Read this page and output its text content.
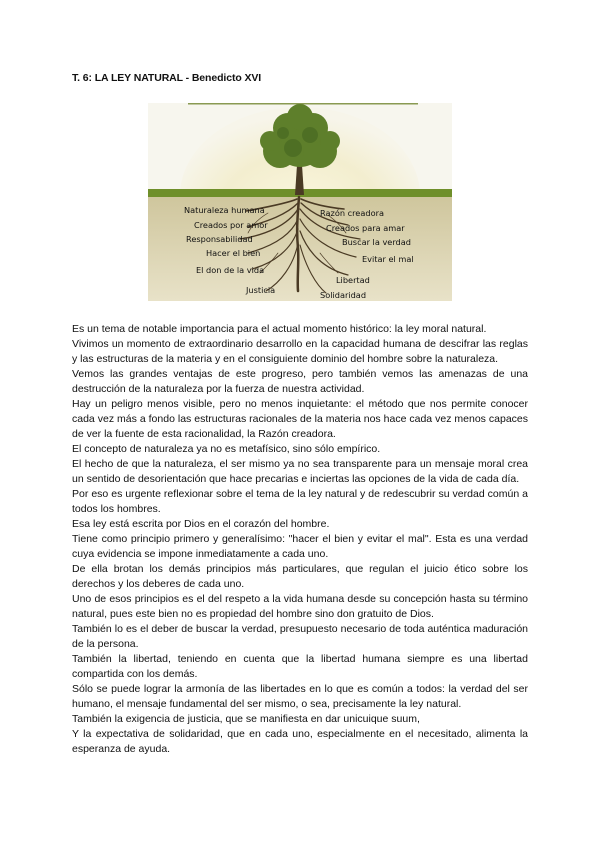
T. 6: LA LEY NATURAL - Benedicto XVI
Naturaleza humana
Creados por amor
Responsabilidad
Hacer el bien
El don de la vida
Justicia
Razón creadora
Creados para amar
Buscar la verdad
Evitar el mal
Libertad
Solidaridad

Es un tema de notable importancia para el actual momento histórico: la ley moral natural.

Vivimos un momento de extraordinario desarrollo en la capacidad humana de descifrar las reglas y las estructuras de la materia y en el consiguiente dominio del hombre sobre la naturaleza.

Vemos las grandes ventajas de este progreso, pero también vemos las amenazas de una destrucción de la naturaleza por la fuerza de nuestra actividad.

Hay un peligro menos visible, pero no menos inquietante: el método que nos permite conocer cada vez más a fondo las estructuras racionales de la materia nos hace cada vez menos capaces de ver la fuente de esta racionalidad, la Razón creadora.

El concepto de naturaleza ya no es metafísico, sino sólo empírico.

El hecho de que la naturaleza, el ser mismo ya no sea transparente para un mensaje moral crea un sentido de desorientación que hace precarias e inciertas las opciones de la vida de cada día.

Por eso es urgente reflexionar sobre el tema de la ley natural y de redescubrir su verdad común a todos los hombres.

Esa ley está escrita por Dios en el corazón del hombre.

Tiene como principio primero y generalísimo: "hacer el bien y evitar el mal". Esta es una verdad cuya evidencia se impone inmediatamente a cada uno.

De ella brotan los demás principios más particulares, que regulan el juicio ético sobre los derechos y los deberes de cada uno.

Uno de esos principios es el del respeto a la vida humana desde su concepción hasta su término natural, pues este bien no es propiedad del hombre sino don gratuito de Dios.

También lo es el deber de buscar la verdad, presupuesto necesario de toda auténtica maduración de la persona.

También la libertad, teniendo en cuenta que la libertad humana siempre es una libertad compartida con los demás.

Sólo se puede lograr la armonía de las libertades en lo que es común a todos: la verdad del ser humano, el mensaje fundamental del ser mismo, o sea, precisamente la ley natural.

También la exigencia de justicia, que se manifiesta en dar unicuique suum,

Y la expectativa de solidaridad, que en cada uno, especialmente en el necesitado, alimenta la esperanza de ayuda.
